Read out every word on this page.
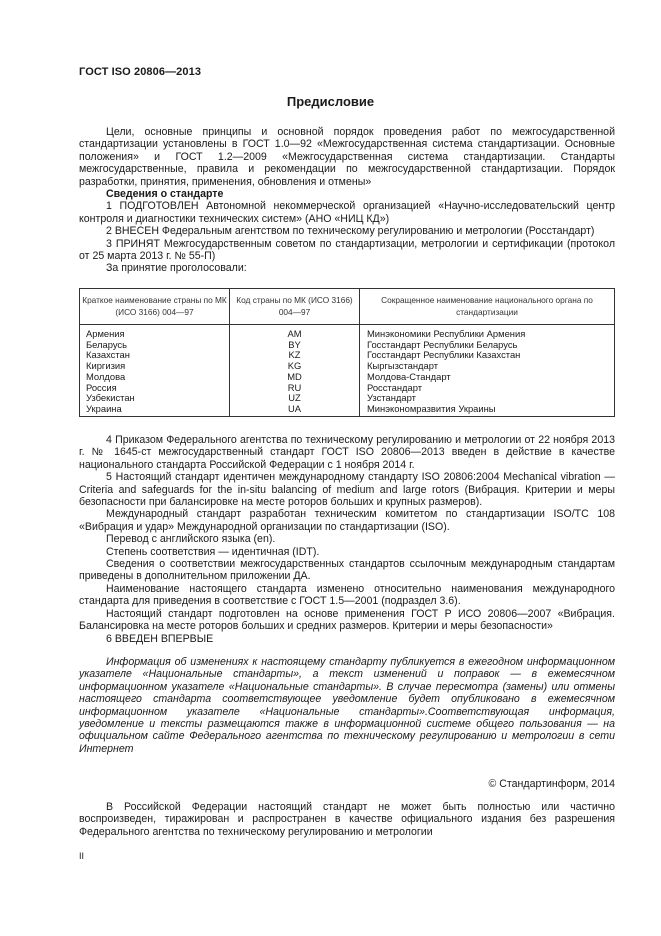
ГОСТ ISO 20806—2013
Предисловие

Цели, основные принципы и основной порядок проведения работ по межгосударственной стандартизации установлены в ГОСТ 1.0—92 «Межгосударственная система стандартизации. Основные положения» и ГОСТ 1.2—2009 «Межгосударственная система стандартизации. Стандарты межгосударственные, правила и рекомендации по межгосударственной стандартизации. Порядок разработки, принятия, применения, обновления и отмены»

Сведения о стандарте

1 ПОДГОТОВЛЕН Автономной некоммерческой организацией «Научно-исследовательский центр контроля и диагностики технических систем» (АНО «НИЦ КД»)

2 ВНЕСЕН Федеральным агентством по техническому регулированию и метрологии (Росстандарт)

3 ПРИНЯТ Межгосударственным советом по стандартизации, метрологии и сертификации (протокол от 25 марта 2013 г. № 55-П)

За принятие проголосовали:

Краткое наименование страны по МК (ИСО 3166) 004—97	Код страны по МК (ИСО 3166) 004—97	Сокращенное наименование национального органа по стандартизации
Армения	AM	Минэкономики Республики Армения
Беларусь	BY	Госстандарт Республики Беларусь
Казахстан	KZ	Госстандарт Республики Казахстан
Киргизия	KG	Кыргызстандарт
Молдова	MD	Молдова-Стандарт
Россия	RU	Росстандарт
Узбекистан	UZ	Узстандарт
Украина	UA	Минэкономразвития Украины

4 Приказом Федерального агентства по техническому регулированию и метрологии от 22 ноября 2013 г. № 1645-ст межгосударственный стандарт ГОСТ ISO 20806—2013 введен в действие в качестве национального стандарта Российской Федерации с 1 ноября 2014 г.

5 Настоящий стандарт идентичен международному стандарту ISO 20806:2004 Mechanical vibration — Criteria and safeguards for the in-situ balancing of medium and large rotors (Вибрация. Критерии и меры безопасности при балансировке на месте роторов больших и крупных размеров).

Международный стандарт разработан техническим комитетом по стандартизации ISO/TC 108 «Вибрация и удар» Международной организации по стандартизации (ISO).

Перевод с английского языка (en).

Степень соответствия — идентичная (IDT).

Сведения о соответствии межгосударственных стандартов ссылочным международным стандартам приведены в дополнительном приложении ДА.

Наименование настоящего стандарта изменено относительно наименования международного стандарта для приведения в соответствие с ГОСТ 1.5—2001 (подраздел 3.6).

Настоящий стандарт подготовлен на основе применения ГОСТ Р ИСО 20806—2007 «Вибрация. Балансировка на месте роторов больших и средних размеров. Критерии и меры безопасности»

6 ВВЕДЕН ВПЕРВЫЕ

Информация об изменениях к настоящему стандарту публикуется в ежегодном информационном указателе «Национальные стандарты», а текст изменений и поправок — в ежемесячном информационном указателе «Национальные стандарты». В случае пересмотра (замены) или отмены настоящего стандарта соответствующее уведомление будет опубликовано в ежемесячном информационном указателе «Национальные стандарты».Соответствующая информация, уведомление и тексты размещаются также в информационной системе общего пользования — на официальном сайте Федерального агентства по техническому регулированию и метрологии в сети Интернет

© Стандартинформ, 2014

В Российской Федерации настоящий стандарт не может быть полностью или частично воспроизведен, тиражирован и распространен в качестве официального издания без разрешения Федерального агентства по техническому регулированию и метрологии

II
